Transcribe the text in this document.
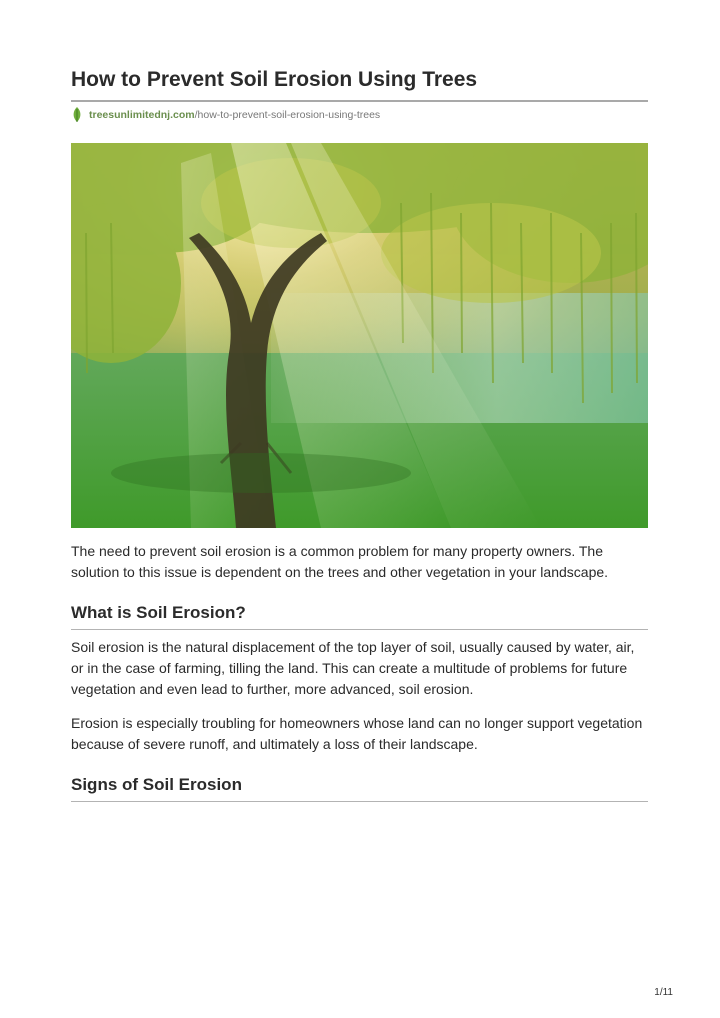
How to Prevent Soil Erosion Using Trees
treesunlimitednj.com /how-to-prevent-soil-erosion-using-trees

The need to prevent soil erosion is a common problem for many property owners. The solution to this issue is dependent on the trees and other vegetation in your landscape.

What is Soil Erosion?

Soil erosion is the natural displacement of the top layer of soil, usually caused by water, air, or in the case of farming, tilling the land. This can create a multitude of problems for future vegetation and even lead to further, more advanced, soil erosion.

Erosion is especially troubling for homeowners whose land can no longer support vegetation because of severe runoff, and ultimately a loss of their landscape.

Signs of Soil Erosion
1/11
